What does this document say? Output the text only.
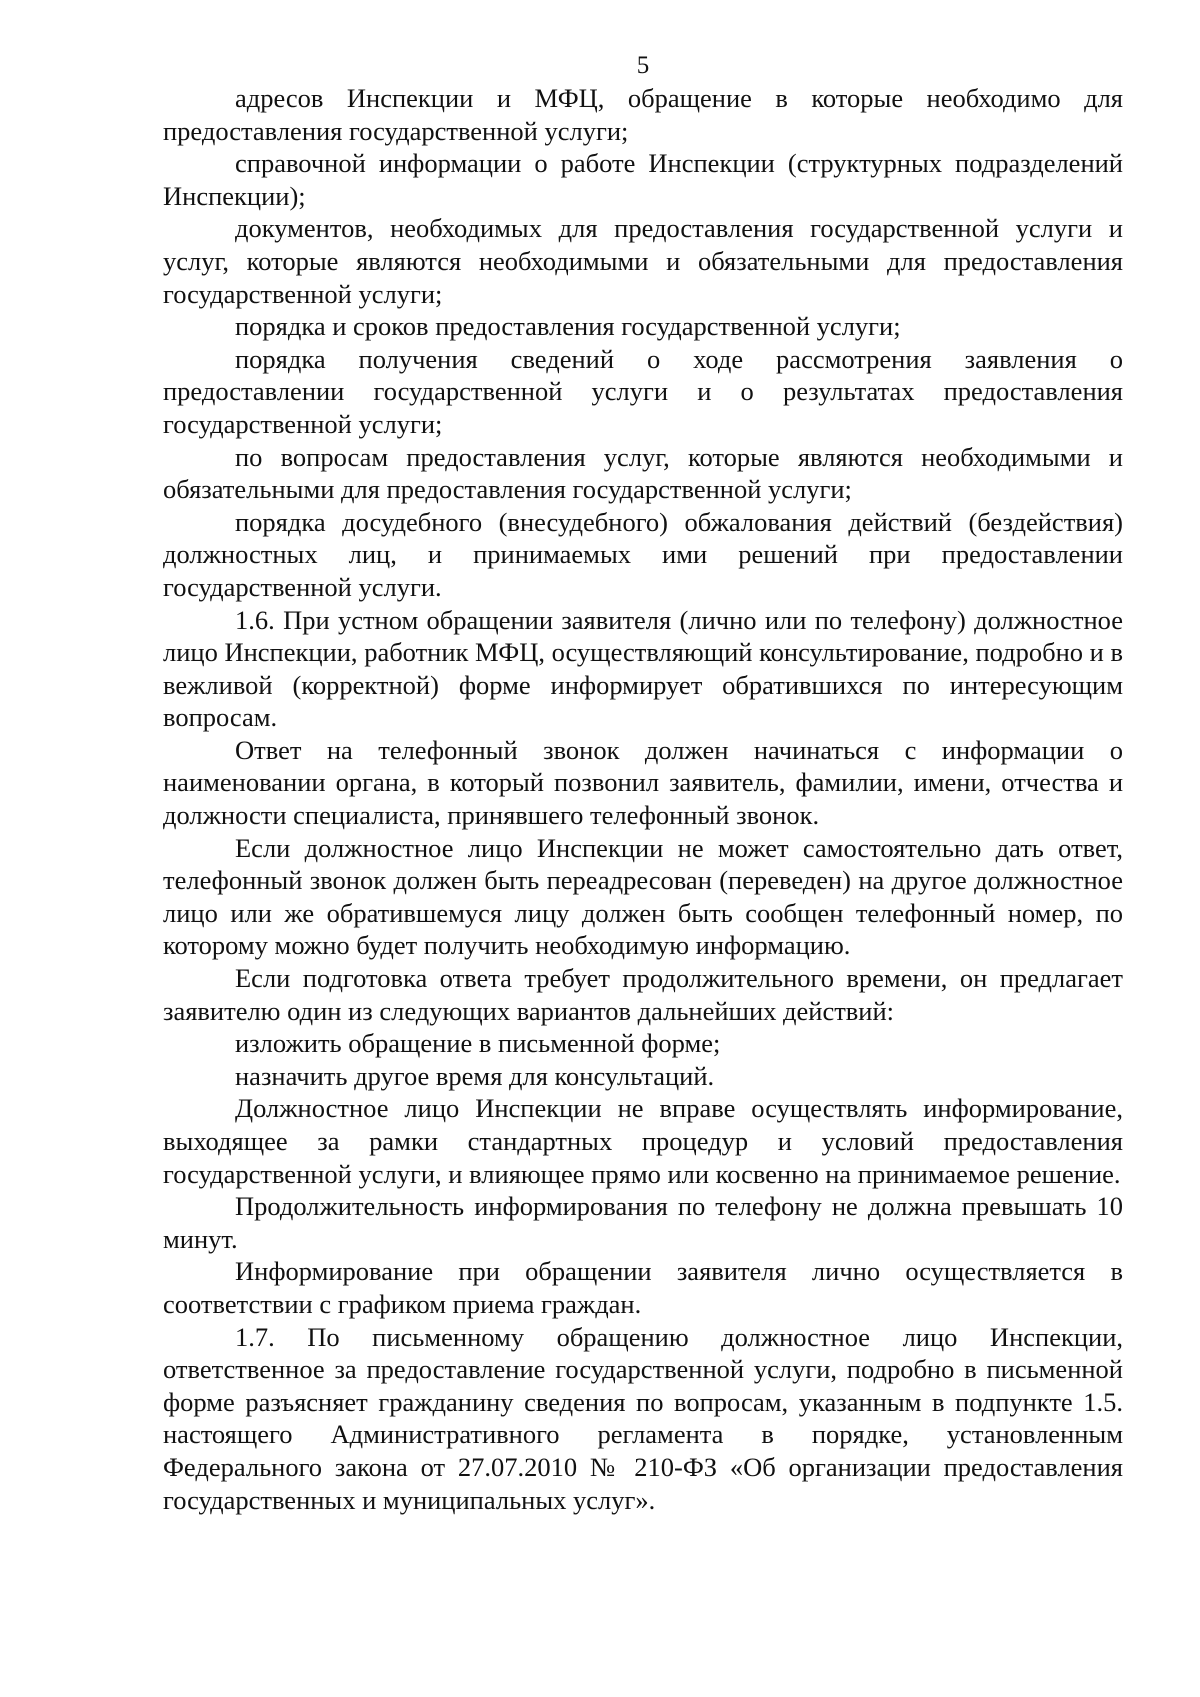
5

адресов Инспекции и МФЦ, обращение в которые необходимо для предоставления государственной услуги;

справочной информации о работе Инспекции (структурных подразделений Инспекции);

документов, необходимых для предоставления государственной услуги и услуг, которые являются необходимыми и обязательными для предоставления государственной услуги;

порядка и сроков предоставления государственной услуги;

порядка получения сведений о ходе рассмотрения заявления о предоставлении государственной услуги и о результатах предоставления государственной услуги;

по вопросам предоставления услуг, которые являются необходимыми и обязательными для предоставления государственной услуги;

порядка досудебного (внесудебного) обжалования действий (бездействия) должностных лиц, и принимаемых ими решений при предоставлении государственной услуги.

1.6. При устном обращении заявителя (лично или по телефону) должностное лицо Инспекции, работник МФЦ, осуществляющий консультирование, подробно и в вежливой (корректной) форме информирует обратившихся по интересующим вопросам.

Ответ на телефонный звонок должен начинаться с информации о наименовании органа, в который позвонил заявитель, фамилии, имени, отчества и должности специалиста, принявшего телефонный звонок.

Если должностное лицо Инспекции не может самостоятельно дать ответ, телефонный звонок должен быть переадресован (переведен) на другое должностное лицо или же обратившемуся лицу должен быть сообщен телефонный номер, по которому можно будет получить необходимую информацию.

Если подготовка ответа требует продолжительного времени, он предлагает заявителю один из следующих вариантов дальнейших действий:

изложить обращение в письменной форме;

назначить другое время для консультаций.

Должностное лицо Инспекции не вправе осуществлять информирование, выходящее за рамки стандартных процедур и условий предоставления государственной услуги, и влияющее прямо или косвенно на принимаемое решение.

Продолжительность информирования по телефону не должна превышать 10 минут.

Информирование при обращении заявителя лично осуществляется в соответствии с графиком приема граждан.

1.7. По письменному обращению должностное лицо Инспекции, ответственное за предоставление государственной услуги, подробно в письменной форме разъясняет гражданину сведения по вопросам, указанным в подпункте 1.5. настоящего Административного регламента в порядке, установленным Федерального закона от 27.07.2010 № 210-ФЗ «Об организации предоставления государственных и муниципальных услуг».
